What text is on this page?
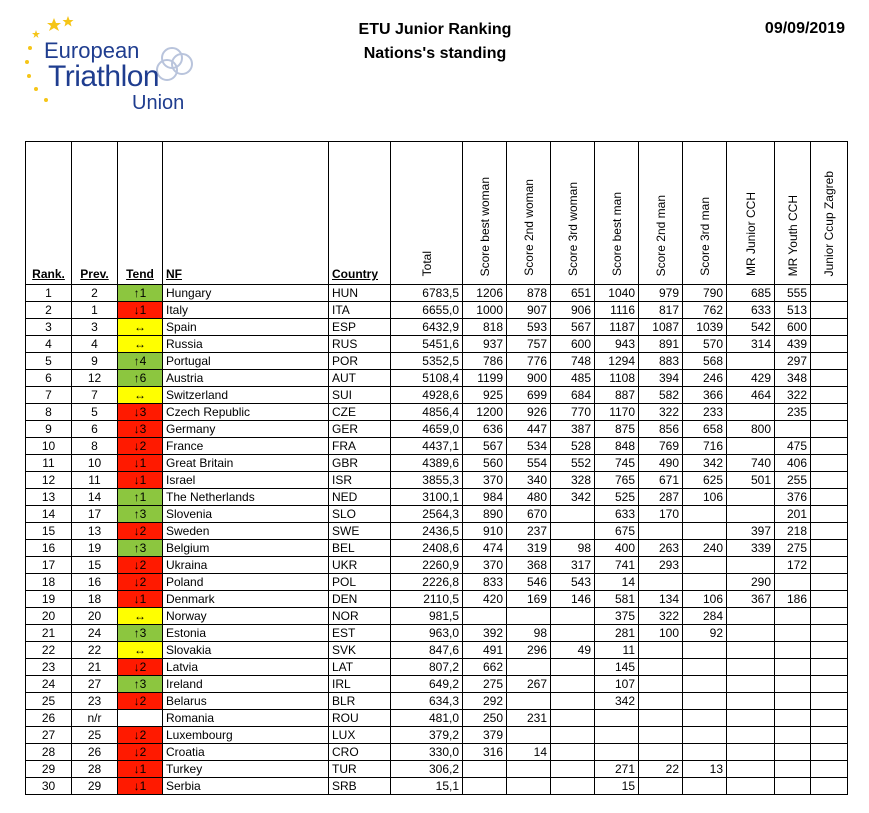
European
Triathlon
Union
ETU Junior Ranking
Nations's standing
09/09/2019
Rank.	Prev.	Tend	NF	Country	Total	Score best woman	Score 2nd woman	Score 3rd woman	Score best man	Score 2nd man	Score 3rd man	MR Junior CCH	MR Youth CCH	Junior Ccup Zagreb
1	2	↑1	Hungary	HUN	6783,5	1206	878	651	1040	979	790	685	555	
2	1	↓1	Italy	ITA	6655,0	1000	907	906	1116	817	762	633	513	
3	3	↔	Spain	ESP	6432,9	818	593	567	1187	1087	1039	542	600	
4	4	↔	Russia	RUS	5451,6	937	757	600	943	891	570	314	439	
5	9	↑4	Portugal	POR	5352,5	786	776	748	1294	883	568		297	
6	12	↑6	Austria	AUT	5108,4	1199	900	485	1108	394	246	429	348	
7	7	↔	Switzerland	SUI	4928,6	925	699	684	887	582	366	464	322	
8	5	↓3	Czech Republic	CZE	4856,4	1200	926	770	1170	322	233		235	
9	6	↓3	Germany	GER	4659,0	636	447	387	875	856	658	800		
10	8	↓2	France	FRA	4437,1	567	534	528	848	769	716		475	
11	10	↓1	Great Britain	GBR	4389,6	560	554	552	745	490	342	740	406	
12	11	↓1	Israel	ISR	3855,3	370	340	328	765	671	625	501	255	
13	14	↑1	The Netherlands	NED	3100,1	984	480	342	525	287	106		376	
14	17	↑3	Slovenia	SLO	2564,3	890	670		633	170			201	
15	13	↓2	Sweden	SWE	2436,5	910	237		675			397	218	
16	19	↑3	Belgium	BEL	2408,6	474	319	98	400	263	240	339	275	
17	15	↓2	Ukraina	UKR	2260,9	370	368	317	741	293			172	
18	16	↓2	Poland	POL	2226,8	833	546	543	14			290		
19	18	↓1	Denmark	DEN	2110,5	420	169	146	581	134	106	367	186	
20	20	↔	Norway	NOR	981,5				375	322	284			
21	24	↑3	Estonia	EST	963,0	392	98		281	100	92			
22	22	↔	Slovakia	SVK	847,6	491	296	49	11					
23	21	↓2	Latvia	LAT	807,2	662			145					
24	27	↑3	Ireland	IRL	649,2	275	267		107					
25	23	↓2	Belarus	BLR	634,3	292			342					
26	n/r		Romania	ROU	481,0	250	231							
27	25	↓2	Luxembourg	LUX	379,2	379								
28	26	↓2	Croatia	CRO	330,0	316	14							
29	28	↓1	Turkey	TUR	306,2				271	22	13			
30	29	↓1	Serbia	SRB	15,1				15					
